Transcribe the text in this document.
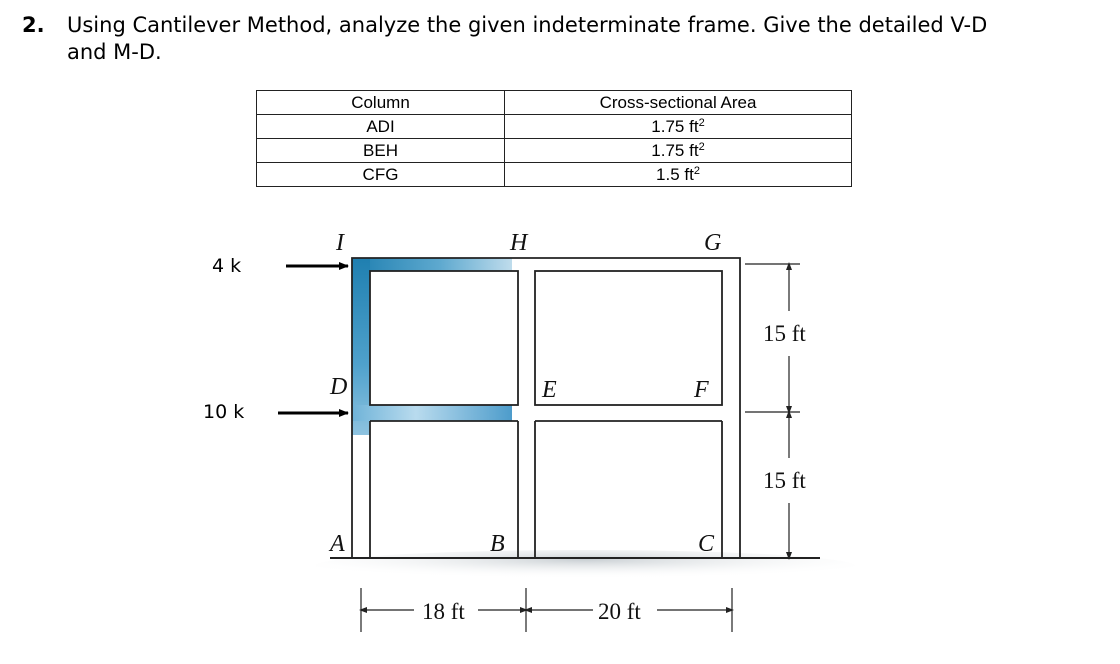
2. Using Cantilever Method, analyze the given indeterminate frame. Give the detailed V-D
and M-D.
Column	Cross-sectional Area
ADI	1.75 $ft^2$
BEH	1.75 $ft^2$
CFG	1.5 $ft^2$
I	H	G
D	E	F
A	B	C
4 k
10 k
15 ft
15 ft
18 ft	20 ft
